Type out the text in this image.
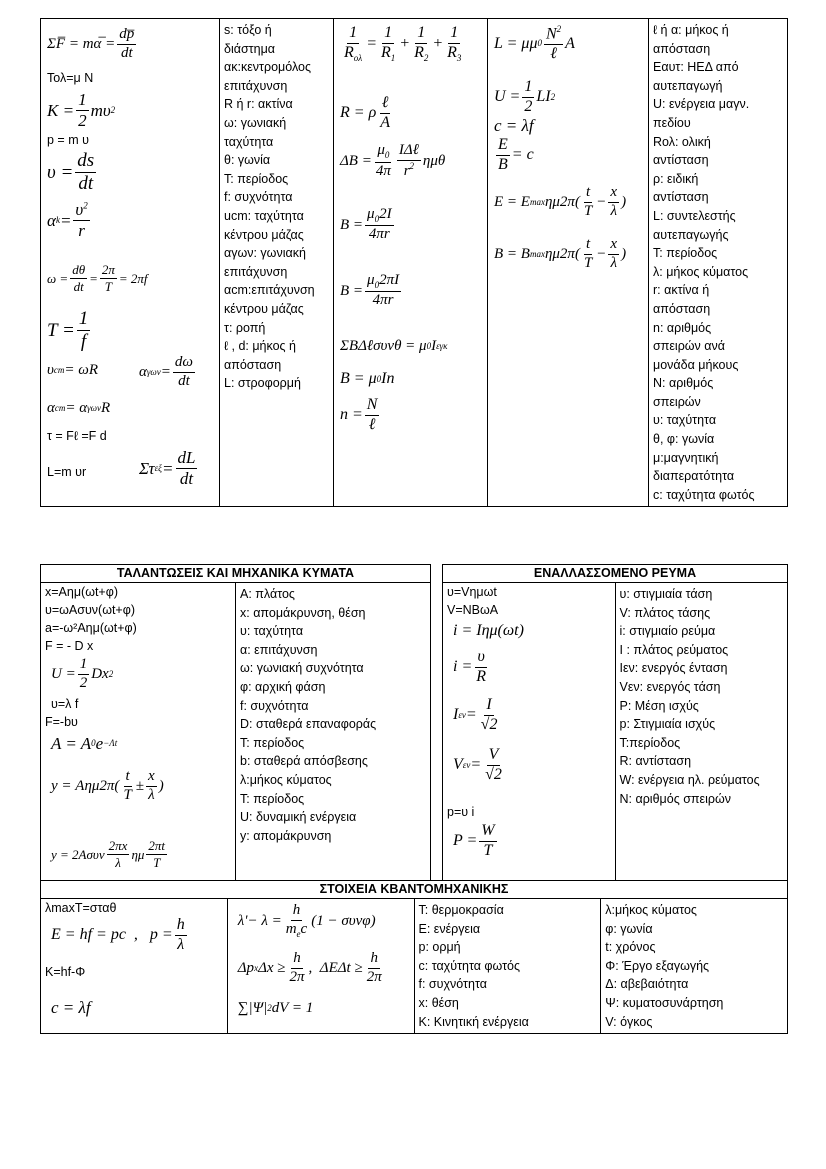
ΣF̅ = mα̅ = $\frac{dp̅}{dt}$
Τολ=μ Ν
$K = \frac{1}{2}$ mυ 2
p = m υ
$\upsilon = \frac{ds}{dt}$
α $k = \frac{\upsilon^2}{r}$
$\omega = \frac{d\theta}{dt} = \frac{2\pi}{T} = 2\pi f$
$T = \frac{1}{f}$
υ cm = ωR	α $\gamma\omega\nu = \frac{d\omega}{dt}$
α cm = α γων R
τ = Fℓ =F d
L=m υr	Στ $\varepsilon\xi = \frac{dL}{dt}$

s: τόξο ή
διάστημα
ακ:κεντρομόλος
επιτάχυνση
R ή r: ακτίνα
ω: γωνιακή
ταχύτητα
θ: γωνία
T: περίοδος
f: συχνότητα
ucm: ταχύτητα
κέντρου μάζας
αγων: γωνιακή
επιτάχυνση
αcm:επιτάχυνση
κέντρου μάζας
τ: ροπή
ℓ , d: μήκος ή
απόσταση
L: στροφορμή

$\frac{1}{R_{o\lambda}} = \frac{1}{R_1} + \frac{1}{R_2} + \frac{1}{R_3}$
R = ρ $\frac{\text{ℓ}}{A}$
$\Delta B = \frac{\mu_0}{4\pi} \frac{\text{IΔℓ}}{r^2}$ ημθ
$B = \frac{\mu_02I}{4\pi r}$
$B = \frac{\mu_02\pi I}{4\pi r}$
ΣBΔℓσυνθ = μ 0 I εγκ
B = μ 0 In
$n = \frac{N}{\text{ℓ}}$

L = μμ $0 \frac{N^2}{\text{ℓ}}$ A
$U = \frac{1}{2}$ LI 2
c = λf
$\frac{E}{B} = c$
E = E $\max \eta\mu 2\pi( \frac{t}{T} - \frac{x}{\lambda}$ )
B = B $\max \eta\mu 2\pi( \frac{t}{T} - \frac{x}{\lambda}$ )

ℓ ή α: μήκος ή
απόσταση
Εαυτ: ΗΕΔ από
αυτεπαγωγή
U: ενέργεια μαγν.
πεδίου
Rολ: ολική
αντίσταση
ρ: ειδική
αντίσταση
L: συντελεστής
αυτεπαγωγής
T: περίοδος
λ: μήκος κύματος
r: ακτίνα ή
απόσταση
n: αριθμός
σπειρών ανά
μονάδα μήκους
N: αριθμός
σπειρών
υ: ταχύτητα
θ, φ: γωνία
μ:μαγνητική
διαπερατότητα
c: ταχύτητα φωτός
ΤΑΛΑΝΤΩΣΕΙΣ ΚΑΙ ΜΗΧΑΝΙΚΑ ΚΥΜΑΤΑ

x=Αημ(ωt+φ)
υ=ωΑσυν(ωt+φ)
a=-ω²Αημ(ωt+φ)
F = - D x
$U = \frac{1}{2}$ Dx 2
υ=λ f
F=-bυ
A = A 0 e −Λt
$y = A\eta\mu 2\pi( \frac{t}{T} \pm \frac{x}{\lambda}$ )
$y = 2A\sigma\upsilon\nu \frac{2\pi x}{\lambda}$ ημ $\frac{2\pi t}{T}$

A: πλάτος
x: απομάκρυνση, θέση
υ: ταχύτητα
α: επιτάχυνση
ω: γωνιακή συχνότητα
φ: αρχική φάση
f: συχνότητα
D: σταθερά επαναφοράς
T: περίοδος
b: σταθερά απόσβεσης
λ:μήκος κύματος
T: περίοδος
U: δυναμική ενέργεια
y: απομάκρυνση
ΕΝΑΛΛΑΣΣΟΜΕΝΟ ΡΕΥΜΑ

υ=Vημωt
V=NBωA
i = Iημ(ωt)
$i = \frac{\upsilon}{R}$
I $\varepsilon\nu = \frac{I}{√2}$
V $\varepsilon\nu = \frac{V}{√2}$
p=υ i
$P = \frac{W}{T}$

υ: στιγμιαία τάση
V: πλάτος τάσης
i: στιγμιαίο ρεύμα
I : πλάτος ρεύματος
Iεν: ενεργός ένταση
Vεν: ενεργός τάση
P: Μέση ισχύς
p: Στιγμιαία ισχύς
T:περίοδος
R: αντίσταση
W: ενέργεια ηλ. ρεύματος
N: αριθμός σπειρών
ΣΤΟΙΧΕΙΑ ΚΒΑΝΤΟΜΗΧΑΝΙΚΗΣ

λmaxT=σταθ
E = hf = pc  ,   $p = \frac{h}{\lambda}$
K=hf-Φ
c = λf

$\lambda'- \lambda = \frac{h}{m_ec} (1 - \sigma\upsilon\nu\varphi)$
Δp x $\Delta x \ge \frac{h}{2\pi}$ ,  $\Delta E\Delta t \ge \frac{h}{2\pi}$
∑|Ψ| 2 dV = 1

T: θερμοκρασία
E: ενέργεια
p: ορμή
c: ταχύτητα φωτός
f: συχνότητα
x: θέση
K: Κινητική ενέργεια

λ:μήκος κύματος
φ: γωνία
t: χρόνος
Φ: Έργο εξαγωγής
Δ: αβεβαιότητα
Ψ: κυματοσυνάρτηση
V: όγκος
